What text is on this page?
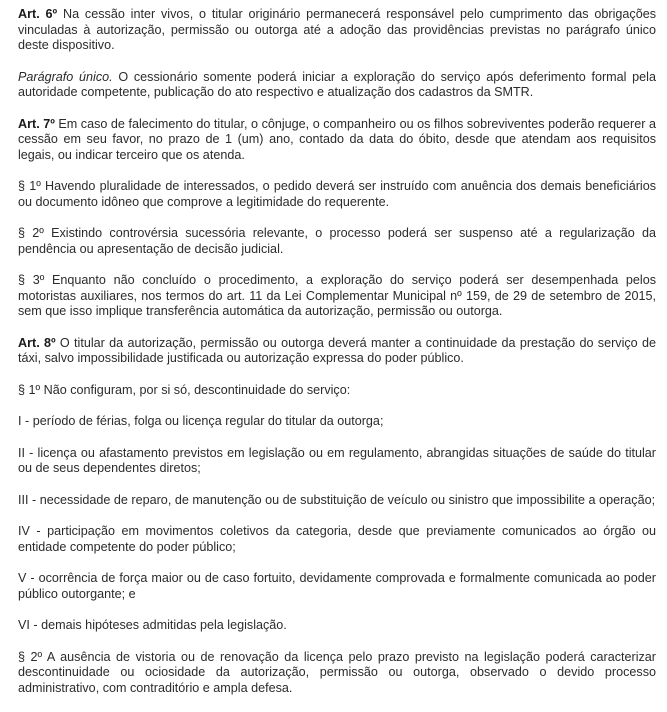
Art. 6º Na cessão inter vivos, o titular originário permanecerá responsável pelo cumprimento das obrigações vinculadas à autorização, permissão ou outorga até a adoção das providências previstas no parágrafo único deste dispositivo.

Parágrafo único. O cessionário somente poderá iniciar a exploração do serviço após deferimento formal pela autoridade competente, publicação do ato respectivo e atualização dos cadastros da SMTR.

Art. 7º Em caso de falecimento do titular, o cônjuge, o companheiro ou os filhos sobreviventes poderão requerer a cessão em seu favor, no prazo de 1 (um) ano, contado da data do óbito, desde que atendam aos requisitos legais, ou indicar terceiro que os atenda.

§ 1º Havendo pluralidade de interessados, o pedido deverá ser instruído com anuência dos demais beneficiários ou documento idôneo que comprove a legitimidade do requerente.

§ 2º Existindo controvérsia sucessória relevante, o processo poderá ser suspenso até a regularização da pendência ou apresentação de decisão judicial.

§ 3º Enquanto não concluído o procedimento, a exploração do serviço poderá ser desempenhada pelos motoristas auxiliares, nos termos do art. 11 da Lei Complementar Municipal nº 159, de 29 de setembro de 2015, sem que isso implique transferência automática da autorização, permissão ou outorga.

Art. 8º O titular da autorização, permissão ou outorga deverá manter a continuidade da prestação do serviço de táxi, salvo impossibilidade justificada ou autorização expressa do poder público.

§ 1º Não configuram, por si só, descontinuidade do serviço:

I - período de férias, folga ou licença regular do titular da outorga;

II - licença ou afastamento previstos em legislação ou em regulamento, abrangidas situações de saúde do titular ou de seus dependentes diretos;

III - necessidade de reparo, de manutenção ou de substituição de veículo ou sinistro que impossibilite a operação;

IV - participação em movimentos coletivos da categoria, desde que previamente comunicados ao órgão ou entidade competente do poder público;

V - ocorrência de força maior ou de caso fortuito, devidamente comprovada e formalmente comunicada ao poder público outorgante; e

VI - demais hipóteses admitidas pela legislação.

§ 2º A ausência de vistoria ou de renovação da licença pelo prazo previsto na legislação poderá caracterizar descontinuidade ou ociosidade da autorização, permissão ou outorga, observado o devido processo administrativo, com contraditório e ampla defesa.
